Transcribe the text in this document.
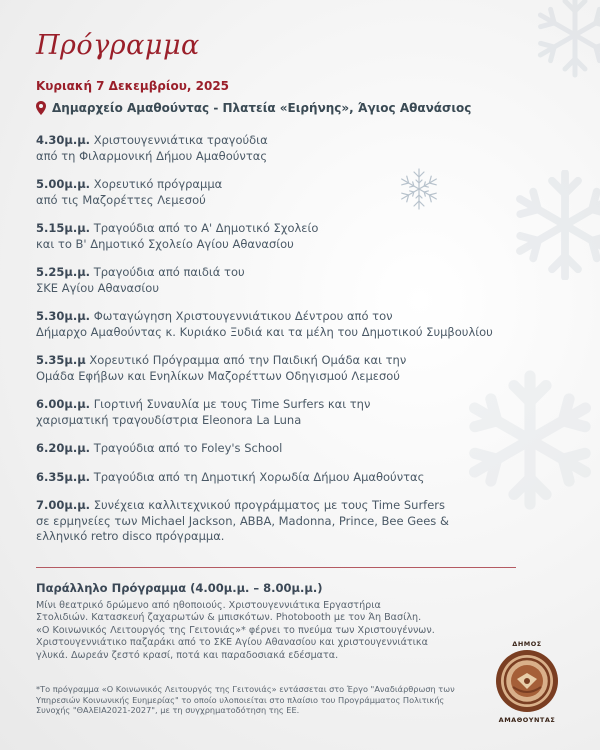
Πρόγραμμα
Κυριακή 7 Δεκεμβρίου, 2025
Δημαρχείο Αμαθούντας - Πλατεία «Ειρήνης», Άγιος Αθανάσιος
4.30μ.μ. Χριστουγεννιάτικα τραγούδια
από τη Φιλαρμονική Δήμου Αμαθούντας
5.00μ.μ. Χορευτικό πρόγραμμα
από τις Μαζορέττες Λεμεσού
5.15μ.μ. Τραγούδια από το Α' Δημοτικό Σχολείο
και το Β' Δημοτικό Σχολείο Αγίου Αθανασίου
5.25μ.μ. Τραγούδια από παιδιά του
ΣΚΕ Αγίου Αθανασίου
5.30μ.μ. Φωταγώγηση Χριστουγεννιάτικου Δέντρου από τον
Δήμαρχο Αμαθούντας κ. Κυριάκο Ξυδιά και τα μέλη του Δημοτικού Συμβουλίου
5.35μ.μ Χορευτικό Πρόγραμμα από την Παιδική Ομάδα και την
Ομάδα Εφήβων και Ενηλίκων Μαζορέττων Οδηγισμού Λεμεσού
6.00μ.μ. Γιορτινή Συναυλία με τους Time Surfers και την
χαρισματική τραγουδίστρια Eleonora La Luna
6.20μ.μ. Τραγούδια από το Foley's School
6.35μ.μ. Τραγούδια από τη Δημοτική Χορωδία Δήμου Αμαθούντας
7.00μ.μ. Συνέχεια καλλιτεχνικού προγράμματος με τους Time Surfers
σε ερμηνείες των Michael Jackson, ABBA, Madonna, Prince, Bee Gees &
ελληνικό retro disco πρόγραμμα.
Παράλληλο Πρόγραμμα (4.00μ.μ. – 8.00μ.μ.)
Μίνι θεατρικό δρώμενο από ηθοποιούς. Χριστουγεννιάτικα Εργαστήρια
Στολιδιών. Κατασκευή ζαχαρωτών & μπισκότων. Photobooth με τον Άη Βασίλη.
«Ο Κοινωνικός Λειτουργός της Γειτονιάς»* φέρνει το πνεύμα των Χριστουγέννων.
Χριστουγεννιάτικο παζαράκι από το ΣΚΕ Αγίου Αθανασίου και χριστουγεννιάτικα
γλυκά. Δωρεάν ζεστό κρασί, ποτά και παραδοσιακά εδέσματα.
*Το πρόγραμμα «Ο Κοινωνικός Λειτουργός της Γειτονιάς» εντάσσεται στο Έργο "Αναδιάρθρωση των
Υπηρεσιών Κοινωνικής Ευημερίας" το οποίο υλοποιείται στο πλαίσιο του Προγράμματος Πολιτικής
Συνοχής "ΘΑλΕΙΑ2021-2027", με τη συγχρηματοδότηση της ΕΕ.
ΔΗΜΟΣ
ΑΜΑΘΟΥΝΤΑΣ
